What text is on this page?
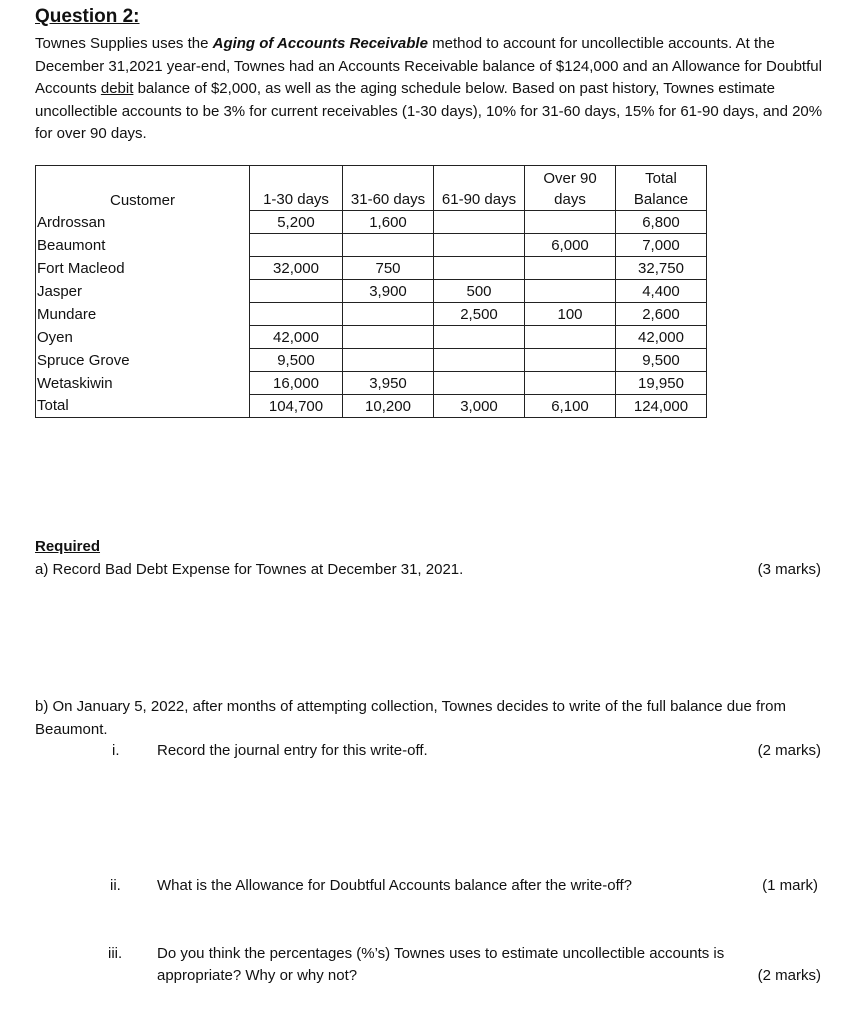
Question 2:
Townes Supplies uses the Aging of Accounts Receivable method to account for uncollectible accounts. At the December 31,2021 year-end, Townes had an Accounts Receivable balance of $124,000 and an Allowance for Doubtful Accounts debit balance of $2,000, as well as the aging schedule below. Based on past history, Townes estimate uncollectible accounts to be 3% for current receivables (1-30 days), 10% for 31-60 days, 15% for 61-90 days, and 20% for over 90 days.
Customer	1-30 days	31-60 days	61-90 days	Over 90 days	Total Balance
Ardrossan	5,200	1,600			6,800
Beaumont				6,000	7,000
Fort Macleod	32,000	750			32,750
Jasper		3,900	500		4,400
Mundare			2,500	100	2,600
Oyen	42,000				42,000
Spruce Grove	9,500				9,500
Wetaskiwin	16,000	3,950			19,950
Total	104,700	10,200	3,000	6,100	124,000
Required
a) Record Bad Debt Expense for Townes at December 31, 2021.	(3 marks)
b) On January 5, 2022, after months of attempting collection, Townes decides to write of the full balance due from Beaumont.
i.	Record the journal entry for this write-off.	(2 marks)
ii. What is the Allowance for Doubtful Accounts balance after the write-off?	(1 mark)
iii. Do you think the percentages (%’s) Townes uses to estimate uncollectible accounts is
appropriate? Why or why not?	(2 marks)
